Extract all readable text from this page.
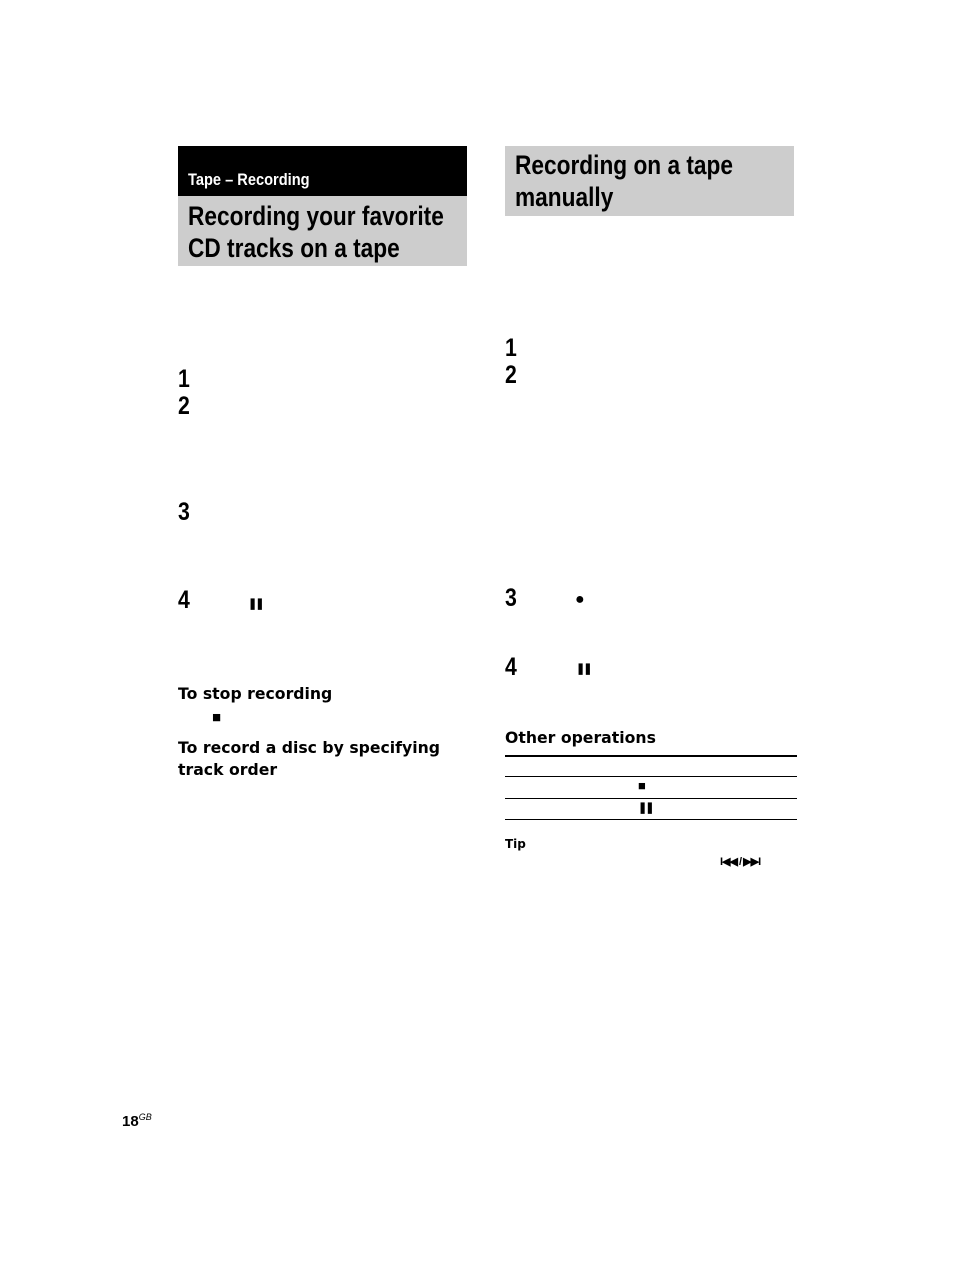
Tape – Recording
Recording your favorite
CD tracks on a tape
1
2
3
4	❚❚
To stop recording
■
To record a disc by specifying
track order
Recording on a tape
manually
1
2
3	●
4	❚❚
Other operations
■
❚❚
Tip
I◀◀ / ▶▶I
$18^{GB}$
